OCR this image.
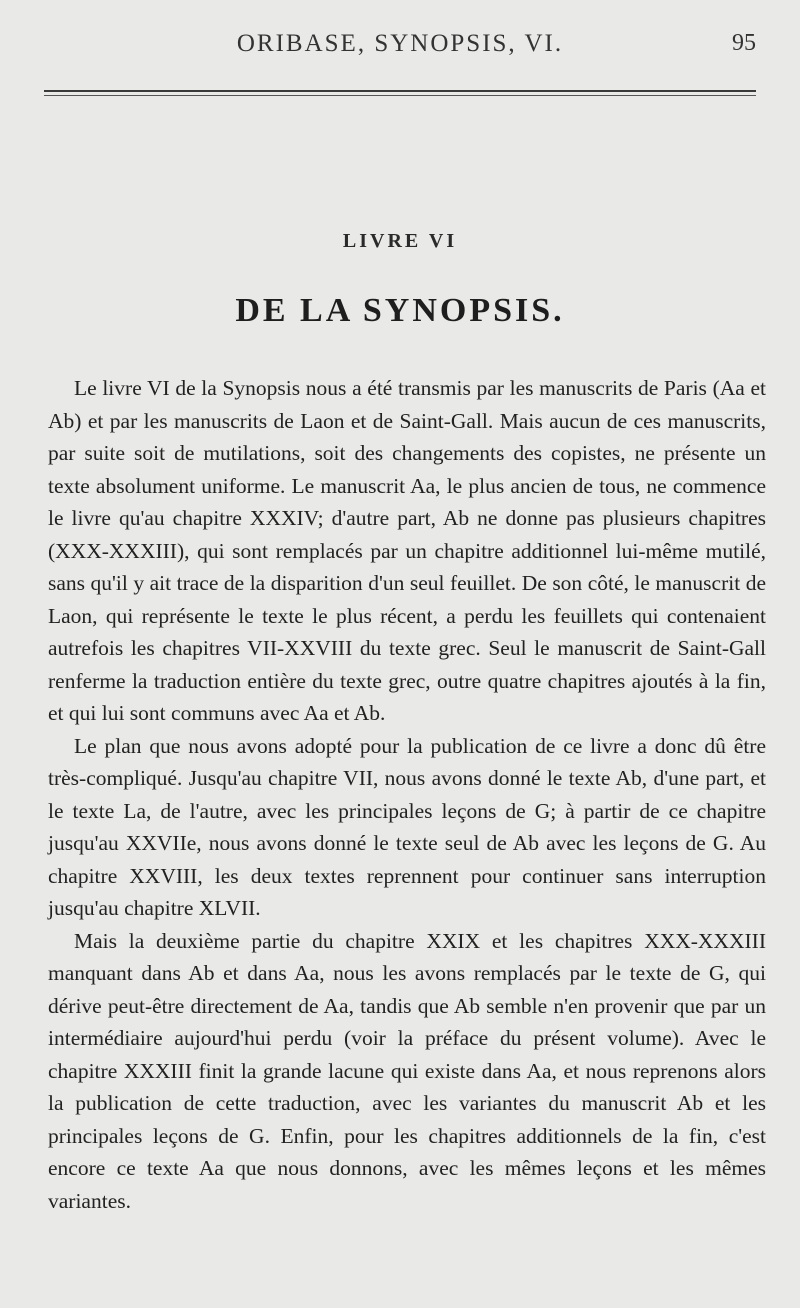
ORIBASE, SYNOPSIS, VI.	95
LIVRE VI
DE LA SYNOPSIS.

Le livre VI de la Synopsis nous a été transmis par les manuscrits de Paris (Aa et Ab) et par les manuscrits de Laon et de Saint-Gall. Mais aucun de ces manuscrits, par suite soit de mutilations, soit des changements des copistes, ne présente un texte absolument uniforme. Le manuscrit Aa, le plus ancien de tous, ne commence le livre qu'au chapitre XXXIV; d'autre part, Ab ne donne pas plusieurs chapitres (XXX-XXXIII), qui sont remplacés par un chapitre additionnel lui-même mutilé, sans qu'il y ait trace de la disparition d'un seul feuillet. De son côté, le manuscrit de Laon, qui représente le texte le plus récent, a perdu les feuillets qui contenaient autrefois les chapitres VII-XXVIII du texte grec. Seul le manuscrit de Saint-Gall renferme la traduction entière du texte grec, outre quatre chapitres ajoutés à la fin, et qui lui sont communs avec Aa et Ab.

Le plan que nous avons adopté pour la publication de ce livre a donc dû être très-compliqué. Jusqu'au chapitre VII, nous avons donné le texte Ab, d'une part, et le texte La, de l'autre, avec les principales leçons de G; à partir de ce chapitre jusqu'au XXVIIe, nous avons donné le texte seul de Ab avec les leçons de G. Au chapitre XXVIII, les deux textes reprennent pour continuer sans interruption jusqu'au chapitre XLVII.

Mais la deuxième partie du chapitre XXIX et les chapitres XXX-XXXIII manquant dans Ab et dans Aa, nous les avons remplacés par le texte de G, qui dérive peut-être directement de Aa, tandis que Ab semble n'en provenir que par un intermédiaire aujourd'hui perdu (voir la préface du présent volume). Avec le chapitre XXXIII finit la grande lacune qui existe dans Aa, et nous reprenons alors la publication de cette traduction, avec les variantes du manuscrit Ab et les principales leçons de G. Enfin, pour les chapitres additionnels de la fin, c'est encore ce texte Aa que nous donnons, avec les mêmes leçons et les mêmes variantes.
